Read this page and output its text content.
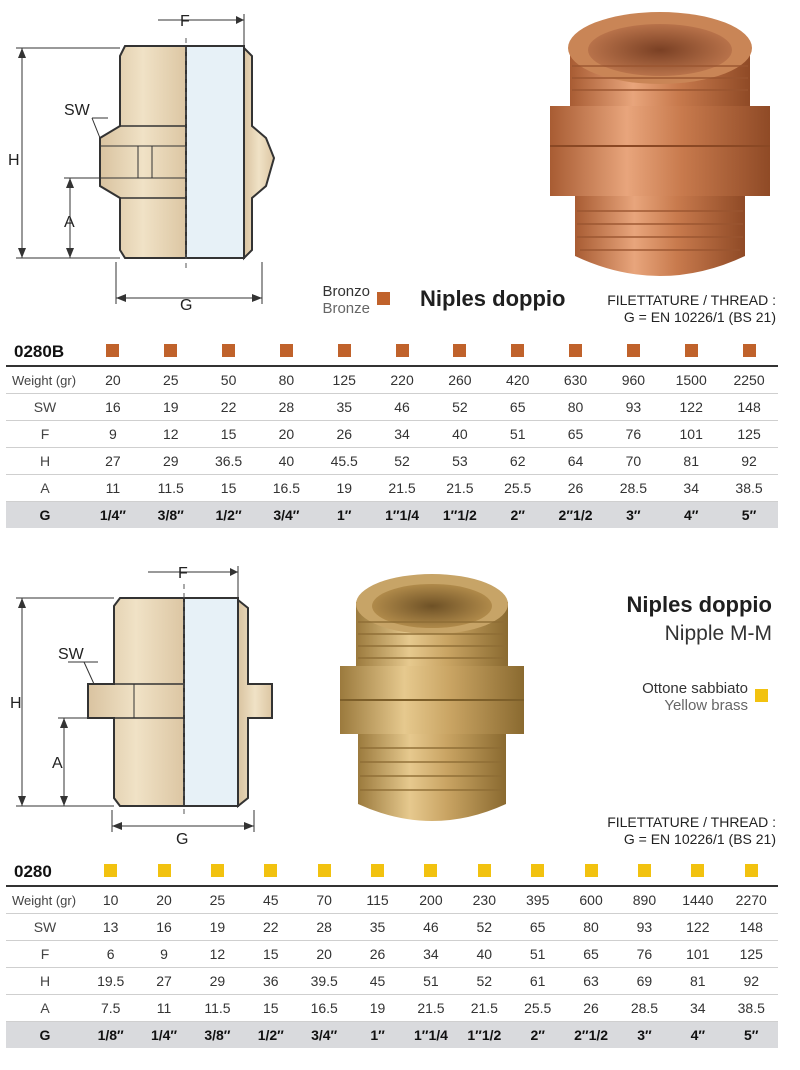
F
H
A
SW
G
Bronzo
Bronze Niples doppio	FILETTATURE / THREAD :
G = EN 10226/1 (BS 21)
0280B												
Weight (gr)	20	25	50	80	125	220	260	420	630	960	1500	2250
SW	16	19	22	28	35	46	52	65	80	93	122	148
F	9	12	15	20	26	34	40	51	65	76	101	125
H	27	29	36.5	40	45.5	52	53	62	64	70	81	92
A	11	11.5	15	16.5	19	21.5	21.5	25.5	26	28.5	34	38.5
G	1/4″	3/8″	1/2″	3/4″	1″	1″1/4	1″1/2	2″	2″1/2	3″	4″	5″
F
H
A
SW
G
Niples doppio
Nipple M-M
Ottone sabbiato
Yellow brass
FILETTATURE / THREAD :
G = EN 10226/1 (BS 21)
0280													
Weight (gr)	10	20	25	45	70	115	200	230	395	600	890	1440	2270
SW	13	16	19	22	28	35	46	52	65	80	93	122	148
F	6	9	12	15	20	26	34	40	51	65	76	101	125
H	19.5	27	29	36	39.5	45	51	52	61	63	69	81	92
A	7.5	11	11.5	15	16.5	19	21.5	21.5	25.5	26	28.5	34	38.5
G	1/8″	1/4″	3/8″	1/2″	3/4″	1″	1″1/4	1″1/2	2″	2″1/2	3″	4″	5″
